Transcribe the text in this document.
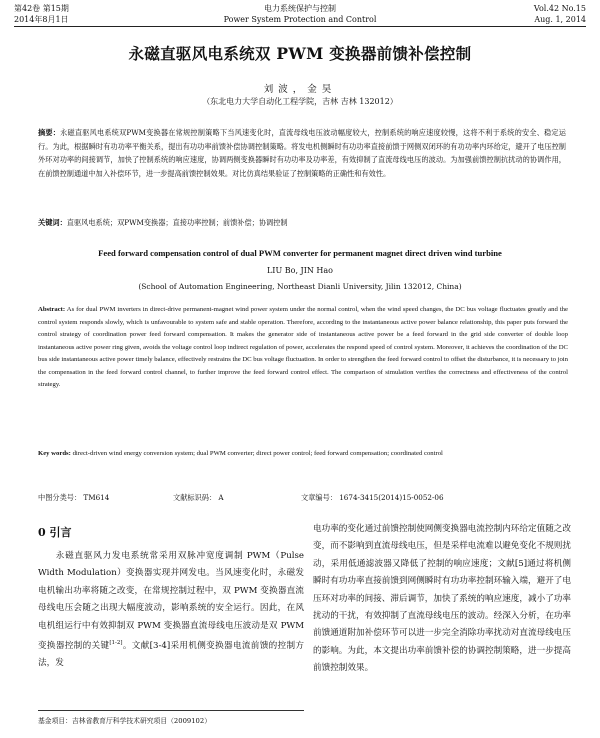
第42卷 第15期
2014年8月1日
电力系统保护与控制
Power System Protection and Control
Vol.42 No.15
Aug. 1, 2014
永磁直驱风电系统双 PWM 变换器前馈补偿控制
刘波，金昊
（东北电力大学自动化工程学院，吉林 吉林 132012）
摘要：永磁直驱风电系统双PWM变换器在常规控制策略下当风速变化时，直流母线电压波动幅度较大，控制系统的响应速度较慢，这将不利于系统的安全、稳定运行。为此，根据瞬时有功功率平衡关系，提出有功功率前馈补偿协调控制策略。将发电机侧瞬时有功功率直接前馈于网侧双闭环的有功功率内环给定，避开了电压控制外环对功率的间接调节，加快了控制系统的响应速度，协调两侧变换器瞬时有功功率及功率差，有效抑制了直流母线电压的波动。为加强前馈控制抗扰动的协调作用，在前馈控制通道中加入补偿环节，进一步提高前馈控制效果。对比仿真结果验证了控制策略的正确性和有效性。
关键词：直驱风电系统；双PWM变换器；直接功率控制；前馈补偿；协调控制
Feed forward compensation control of dual PWM converter for permanent magnet direct driven wind turbine
LIU Bo, JIN Hao
(School of Automation Engineering, Northeast Dianli University, Jilin 132012, China)
Abstract: As for dual PWM inverters in direct-drive permanent-magnet wind power system under the normal control, when the wind speed changes, the DC bus voltage fluctuates greatly and the control system responds slowly, which is unfavourable to system safe and stable operation. Therefore, according to the instantaneous active power balance relationship, this paper puts forward the control strategy of coordination power feed forward compensation. It makes the generator side of instantaneous active power be a feed forward in the grid side converter of double loop instantaneous active power ring given, avoids the voltage control loop indirect regulation of power, accelerates the respond speed of control system. Moreover, it achieves the coordination of the DC bus side instantaneous active power timely balance, effectively restrains the DC bus voltage fluctuation. In order to strengthen the feed forward control to offset the disturbance, it is necessary to join the compensation in the feed forward control channel, to further improve the feed forward control effect. The comparison of simulation verifies the correctness and effectiveness of the control strategy.
Key words: direct-driven wind energy conversion system; dual PWM converter; direct power control; feed forward compensation; coordinated control
中图分类号： TM614	文献标识码： A	文章编号： 1674-3415(2014)15-0052-06
0 引言
永磁直驱风力发电系统常采用双脉冲宽度调制 PWM（Pulse Width Modulation）变换器实现并网发电。当风速变化时，永磁发电机输出功率将随之改变，在常规控制过程中，双 PWM 变换器直流母线电压会随之出现大幅度波动，影响系统的安全运行。因此，在风电机组运行中有效抑制双 PWM 变换器直流母线电压波动是双 PWM 变换器控制的关键[1-2]。文献[3-4]采用机侧变换器电流前馈的控制方法，发
电功率的变化通过前馈控制使网侧变换器电流控制内环给定值随之改变，而不影响到直流母线电压，但是采样电流难以避免变化不规则扰动，采用低通滤波器又降低了控制的响应速度；文献[5]通过将机侧瞬时有功功率直接前馈到网侧瞬时有功功率控制环输入端，避开了电压环对功率的间接、滞后调节，加快了系统的响应速度，减小了功率扰动的干扰，有效抑制了直流母线电压的波动。经深入分析，在功率前馈通道附加补偿环节可以进一步完全消除功率扰动对直流母线电压的影响。为此，本文提出功率前馈补偿的协调控制策略，进一步提高前馈控制效果。
基金项目：吉林省教育厅科学技术研究项目（2009102）
